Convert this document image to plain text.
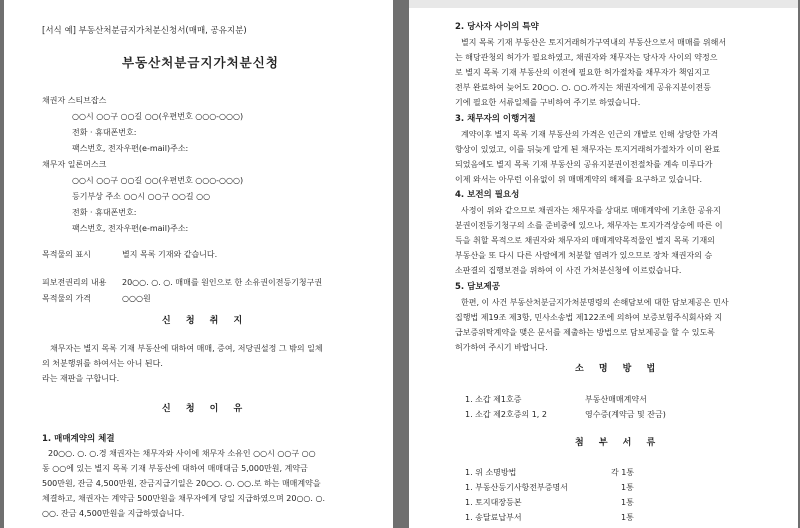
[서식 예] 부동산처분금지가처분신청서(매매, 공유지분)
부동산처분금지가처분신청
채권자 스티브잡스
○○시 ○○구 ○○길 ○○(우편번호 ○○○-○○○)
전화 · 휴대폰번호:
팩스번호, 전자우편(e-mail)주소:
채무자 일론머스크
○○시 ○○구 ○○길 ○○(우편번호 ○○○-○○○)
등기부상 주소 ○○시 ○○구 ○○길 ○○
전화 · 휴대폰번호:
팩스번호, 전자우편(e-mail)주소:
목적물의 표시	별지 목록 기재와 같습니다.
피보전권리의 내용 20○○. ○. ○. 매매를 원인으로 한 소유권이전등기청구권
목적물의 가격	○○○원
신 청 취 지
채무자는 별지 목록 기재 부동산에 대하여 매매, 증여, 저당권설정 그 밖의 일체
의 처분행위를 하여서는 아니 된다.
라는 재판을 구합니다.
신 청 이 유
1. 매매계약의 체결
20○○. ○. ○.경 채권자는 채무자와 사이에 채무자 소유인 ○○시 ○○구 ○○
동 ○○에 있는 별지 목록 기재 부동산에 대하여 매매대금 5,000만원, 계약금
500만원, 잔금 4,500만원, 잔금지급기일은 20○○. ○. ○○.로 하는 매매계약을
체결하고, 채권자는 계약금 500만원을 채무자에게 당일 지급하였으며 20○○. ○.
○○. 잔금 4,500만원을 지급하였습니다.
2. 당사자 사이의 특약
별지 목록 기재 부동산은 토지거래허가구역내의 부동산으로서 매매를 위해서
는 해당관청의 허가가 필요하였고, 채권자와 채무자는 당사자 사이의 약정으
로 별지 목록 기재 부동산의 이전에 필요한 허가절차를 채무자가 책임지고
전부 완료하여 늦어도 20○○. ○. ○○.까지는 채권자에게 공유지분이전등
기에 필요한 서류일체를 구비하여 주기로 하였습니다.
3. 채무자의 이행거절
계약이후 별지 목록 기재 부동산의 가격은 인근의 개발로 인해 상당한 가격
향상이 있었고, 이를 뒤늦게 알게 된 채무자는 토지거래허가절차가 이미 완료
되었음에도 별지 목록 기재 부동산의 공유지분권이전절차를 계속 미루다가
이제 와서는 아무런 이유없이 위 매매계약의 해제를 요구하고 있습니다.
4. 보전의 필요성
사정이 위와 같으므로 채권자는 채무자를 상대로 매매계약에 기초한 공유지
분권이전등기청구의 소를 준비중에 있으나, 채무자는 토지가격상승에 따른 이
득을 취할 목적으로 채권자와 채무자의 매매계약목적물인 별지 목록 기재의
부동산을 또 다시 다른 사람에게 처분할 염려가 있으므로 장차 채권자의 승
소판결의 집행보전을 위하여 이 사건 가처분신청에 이르렀습니다.
5. 담보제공
한편, 이 사건 부동산처분금지가처분명령의 손해담보에 대한 담보제공은 민사
집행법 제19조 제3항, 민사소송법 제122조에 의하여 보증보험주식회사와 지
급보증위탁계약을 맺은 문서를 제출하는 방법으로 담보제공을 할 수 있도록
허가하여 주시기 바랍니다.
소 명 방 법
1. 소갑 제1호증	부동산매매계약서
1. 소갑 제2호증의 1, 2	영수증(계약금 및 잔금)
첨 부 서 류
1. 위 소명방법	각 1통
1. 부동산등기사항전부증명서	1통
1. 토지대장등본	1통
1. 송달료납부서	1통
